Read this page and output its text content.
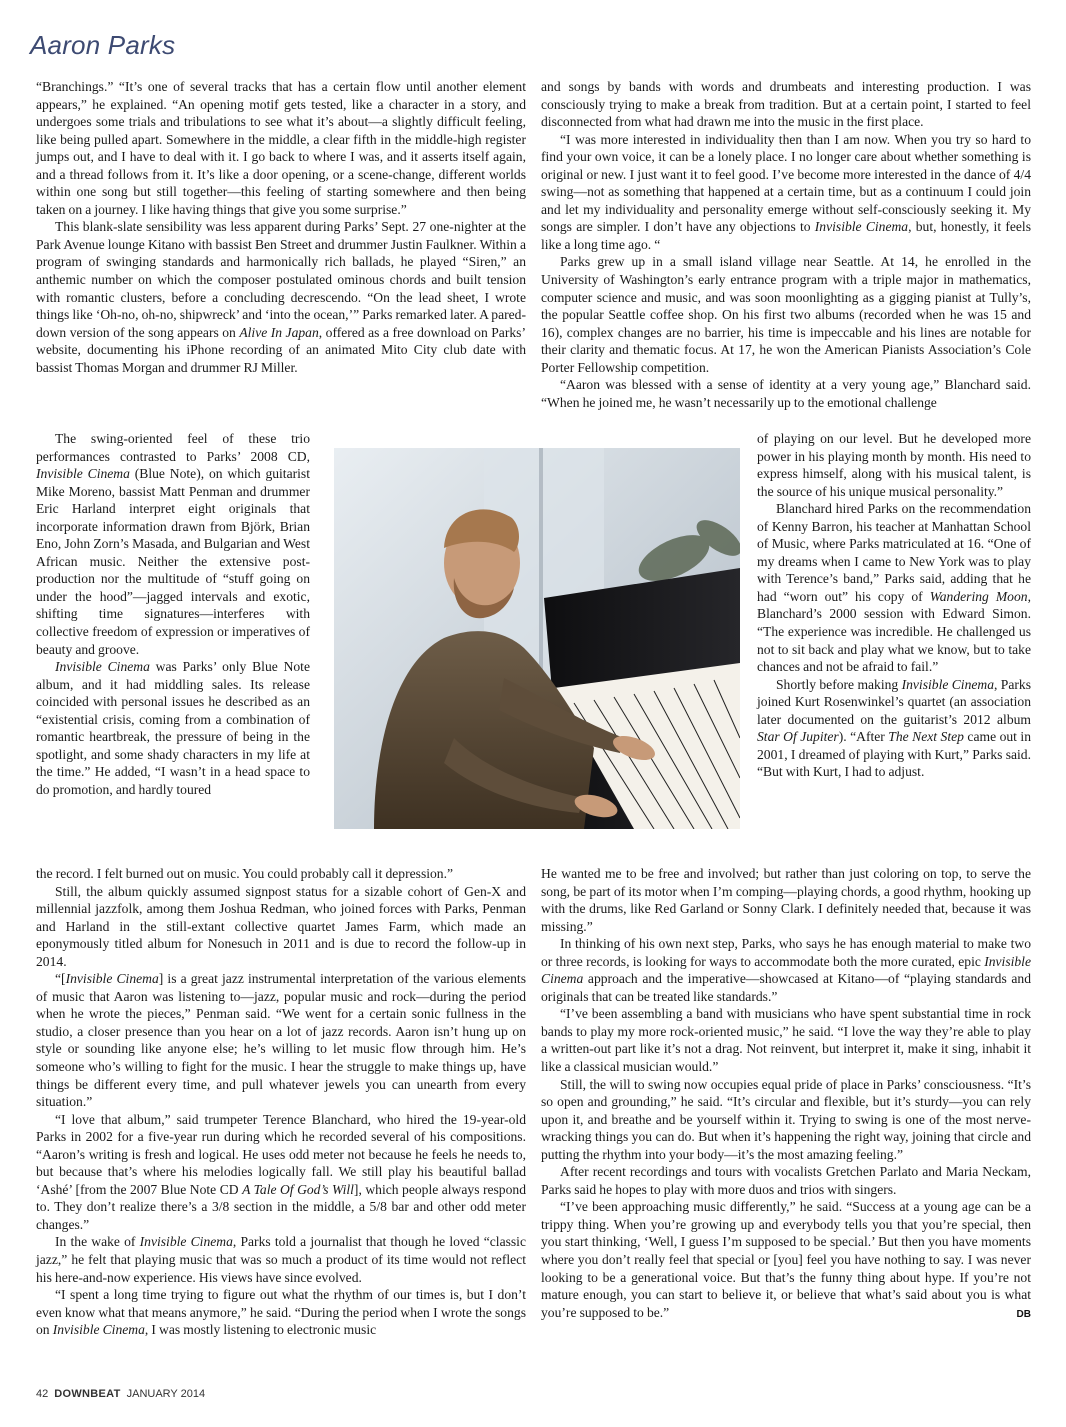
Aaron Parks

“Branchings.” “It’s one of several tracks that has a certain flow until another element appears,” he explained. “An opening motif gets tested, like a character in a story, and undergoes some trials and tribulations to see what it’s about—a slightly difficult feeling, like being pulled apart. Somewhere in the middle, a clear fifth in the middle-high register jumps out, and I have to deal with it. I go back to where I was, and it asserts itself again, and a thread follows from it. It’s like a door opening, or a scene-change, different worlds within one song but still together—this feeling of starting somewhere and then being taken on a journey. I like having things that give you some surprise.”

This blank-slate sensibility was less apparent during Parks’ Sept. 27 one-nighter at the Park Avenue lounge Kitano with bassist Ben Street and drummer Justin Faulkner. Within a program of swinging standards and harmonically rich ballads, he played “Siren,” an anthemic number on which the composer postulated ominous chords and built tension with romantic clusters, before a concluding decrescendo. “On the lead sheet, I wrote things like ‘Oh-no, oh-no, shipwreck’ and ‘into the ocean,’” Parks remarked later. A pared-down version of the song appears on Alive In Japan, offered as a free download on Parks’ website, documenting his iPhone recording of an animated Mito City club date with bassist Thomas Morgan and drummer RJ Miller.

The swing-oriented feel of these trio performances contrasted to Parks’ 2008 CD, Invisible Cinema (Blue Note), on which guitarist Mike Moreno, bassist Matt Penman and drummer Eric Harland interpret eight originals that incorporate information drawn from Björk, Brian Eno, John Zorn’s Masada, and Bulgarian and West African music. Neither the extensive post-production nor the multitude of “stuff going on under the hood”—jagged intervals and exotic, shifting time signatures—interferes with collective freedom of expression or imperatives of beauty and groove.

Invisible Cinema was Parks’ only Blue Note album, and it had middling sales. Its release coincided with personal issues he described as an “existential crisis, coming from a combination of romantic heartbreak, the pressure of being in the spotlight, and some shady characters in my life at the time.” He added, “I wasn’t in a head space to do promotion, and hardly toured

the record. I felt burned out on music. You could probably call it depression.”

Still, the album quickly assumed signpost status for a sizable cohort of Gen-X and millennial jazzfolk, among them Joshua Redman, who joined forces with Parks, Penman and Harland in the still-extant collective quartet James Farm, which made an eponymously titled album for Nonesuch in 2011 and is due to record the follow-up in 2014.

“[Invisible Cinema] is a great jazz instrumental interpretation of the various elements of music that Aaron was listening to—jazz, popular music and rock—during the period when he wrote the pieces,” Penman said. “We went for a certain sonic fullness in the studio, a closer presence than you hear on a lot of jazz records. Aaron isn’t hung up on style or sounding like anyone else; he’s willing to let music flow through him. He’s someone who’s willing to fight for the music. I hear the struggle to make things up, have things be different every time, and pull whatever jewels you can unearth from every situation.”

“I love that album,” said trumpeter Terence Blanchard, who hired the 19-year-old Parks in 2002 for a five-year run during which he recorded several of his compositions. “Aaron’s writing is fresh and logical. He uses odd meter not because he feels he needs to, but because that’s where his melodies logically fall. We still play his beautiful ballad ‘Ashé’ [from the 2007 Blue Note CD A Tale Of God’s Will], which people always respond to. They don’t realize there’s a 3/8 section in the middle, a 5/8 bar and other odd meter changes.”

In the wake of Invisible Cinema, Parks told a journalist that though he loved “classic jazz,” he felt that playing music that was so much a product of its time would not reflect his here-and-now experience. His views have since evolved.

“I spent a long time trying to figure out what the rhythm of our times is, but I don’t even know what that means anymore,” he said. “During the period when I wrote the songs on Invisible Cinema, I was mostly listening to electronic music

and songs by bands with words and drumbeats and interesting production. I was consciously trying to make a break from tradition. But at a certain point, I started to feel disconnected from what had drawn me into the music in the first place.

“I was more interested in individuality then than I am now. When you try so hard to find your own voice, it can be a lonely place. I no longer care about whether something is original or new. I just want it to feel good. I’ve become more interested in the dance of 4/4 swing—not as something that happened at a certain time, but as a continuum I could join and let my individuality and personality emerge without self-consciously seeking it. My songs are simpler. I don’t have any objections to Invisible Cinema, but, honestly, it feels like a long time ago. “

Parks grew up in a small island village near Seattle. At 14, he enrolled in the University of Washington’s early entrance program with a triple major in mathematics, computer science and music, and was soon moonlighting as a gigging pianist at Tully’s, the popular Seattle coffee shop. On his first two albums (recorded when he was 15 and 16), complex changes are no barrier, his time is impeccable and his lines are notable for their clarity and thematic focus. At 17, he won the American Pianists Association’s Cole Porter Fellowship competition.

“Aaron was blessed with a sense of identity at a very young age,” Blanchard said. “When he joined me, he wasn’t necessarily up to the emotional challenge

of playing on our level. But he developed more power in his playing month by month. His need to express himself, along with his musical talent, is the source of his unique musical personality.”

Blanchard hired Parks on the recommendation of Kenny Barron, his teacher at Manhattan School of Music, where Parks matriculated at 16. “One of my dreams when I came to New York was to play with Terence’s band,” Parks said, adding that he had “worn out” his copy of Wandering Moon, Blanchard’s 2000 session with Edward Simon. “The experience was incredible. He challenged us not to sit back and play what we know, but to take chances and not be afraid to fail.”

Shortly before making Invisible Cinema, Parks joined Kurt Rosenwinkel’s quartet (an association later documented on the guitarist’s 2012 album Star Of Jupiter). “After The Next Step came out in 2001, I dreamed of playing with Kurt,” Parks said. “But with Kurt, I had to adjust.

He wanted me to be free and involved; but rather than just coloring on top, to serve the song, be part of its motor when I’m comping—playing chords, a good rhythm, hooking up with the drums, like Red Garland or Sonny Clark. I definitely needed that, because it was missing.”

In thinking of his own next step, Parks, who says he has enough material to make two or three records, is looking for ways to accommodate both the more curated, epic Invisible Cinema approach and the imperative—showcased at Kitano—of “playing standards and originals that can be treated like standards.”

“I’ve been assembling a band with musicians who have spent substantial time in rock bands to play my more rock-oriented music,” he said. “I love the way they’re able to play a written-out part like it’s not a drag. Not reinvent, but interpret it, make it sing, inhabit it like a classical musician would.”

Still, the will to swing now occupies equal pride of place in Parks’ consciousness. “It’s so open and grounding,” he said. “It’s circular and flexible, but it’s sturdy—you can rely upon it, and breathe and be yourself within it. Trying to swing is one of the most nerve-wracking things you can do. But when it’s happening the right way, joining that circle and putting the rhythm into your body—it’s the most amazing feeling.”

After recent recordings and tours with vocalists Gretchen Parlato and Maria Neckam, Parks said he hopes to play with more duos and trios with singers.

“I’ve been approaching music differently,” he said. “Success at a young age can be a trippy thing. When you’re growing up and everybody tells you that you’re special, then you start thinking, ‘Well, I guess I’m supposed to be special.’ But then you have moments where you don’t really feel that special or [you] feel you have nothing to say. I was never looking to be a generational voice. But that’s the funny thing about hype. If you’re not mature enough, you can start to believe it, or believe that what’s said about you is what you’re supposed to be.”	DB

42 DOWNBEAT JANUARY 2014
